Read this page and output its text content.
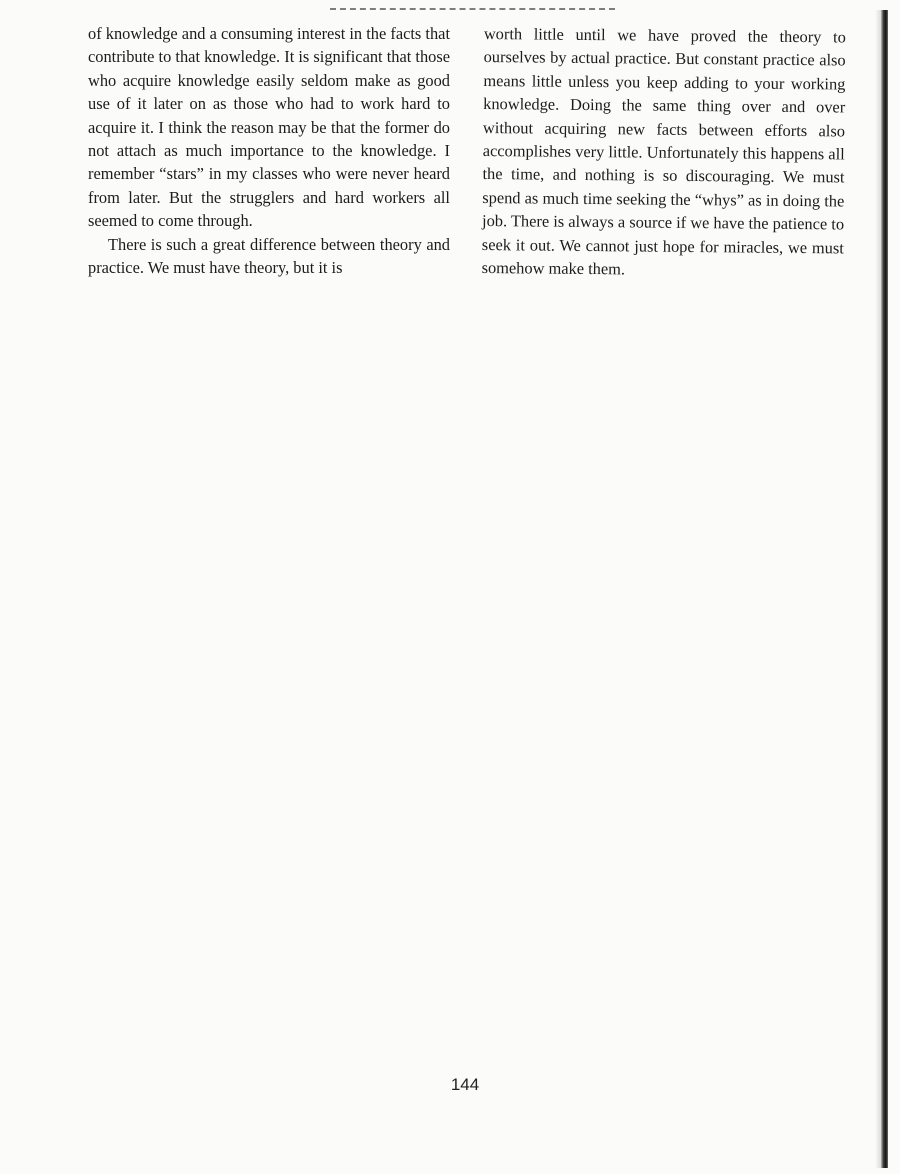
of knowledge and a consuming interest in the facts that contribute to that knowledge. It is significant that those who acquire knowledge easily seldom make as good use of it later on as those who had to work hard to acquire it. I think the reason may be that the former do not attach as much importance to the knowledge. I remember “stars” in my classes who were never heard from later. But the strugglers and hard workers all seemed to come through.

There is such a great difference between theory and practice. We must have theory, but it is

worth little until we have proved the theory to ourselves by actual practice. But constant practice also means little unless you keep adding to your working knowledge. Doing the same thing over and over without acquiring new facts between efforts also accomplishes very little. Unfortunately this happens all the time, and nothing is so discouraging. We must spend as much time seeking the “whys” as in doing the job. There is always a source if we have the patience to seek it out. We cannot just hope for miracles, we must somehow make them.

144
